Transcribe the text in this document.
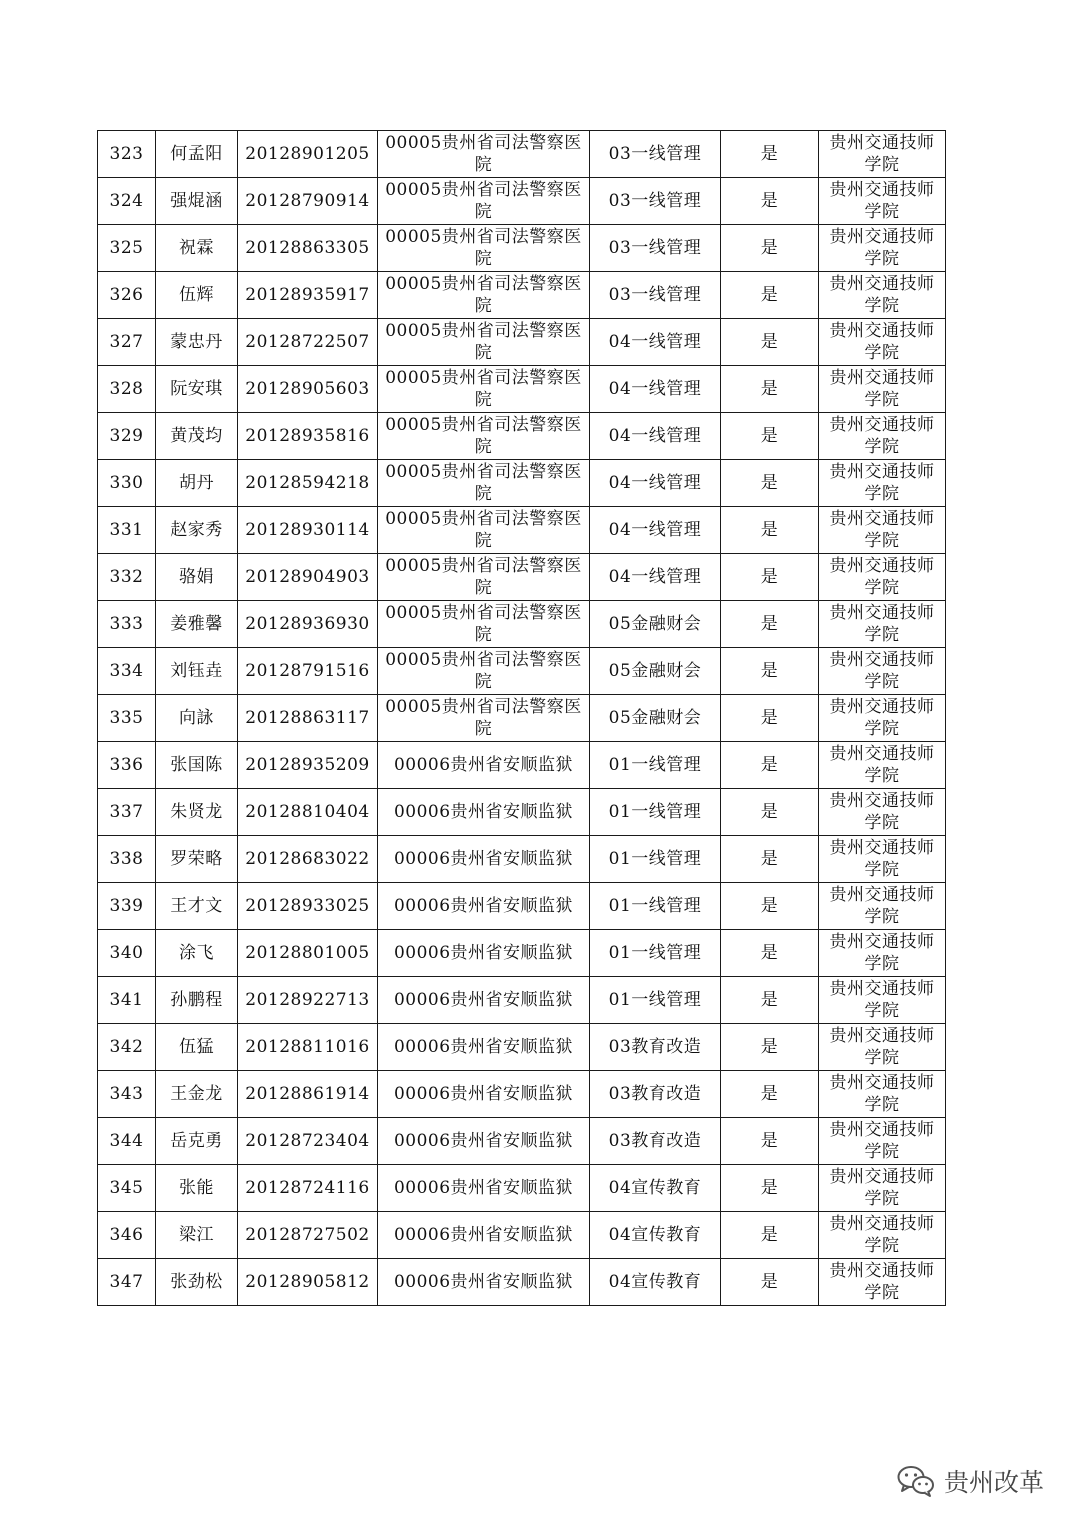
323	何孟阳	20128901205	00005贵州省司法警察医院	03一线管理	是	贵州交通技师学院
324	强焜涵	20128790914	00005贵州省司法警察医院	03一线管理	是	贵州交通技师学院
325	祝霖	20128863305	00005贵州省司法警察医院	03一线管理	是	贵州交通技师学院
326	伍辉	20128935917	00005贵州省司法警察医院	03一线管理	是	贵州交通技师学院
327	蒙忠丹	20128722507	00005贵州省司法警察医院	04一线管理	是	贵州交通技师学院
328	阮安琪	20128905603	00005贵州省司法警察医院	04一线管理	是	贵州交通技师学院
329	黄茂均	20128935816	00005贵州省司法警察医院	04一线管理	是	贵州交通技师学院
330	胡丹	20128594218	00005贵州省司法警察医院	04一线管理	是	贵州交通技师学院
331	赵家秀	20128930114	00005贵州省司法警察医院	04一线管理	是	贵州交通技师学院
332	骆娟	20128904903	00005贵州省司法警察医院	04一线管理	是	贵州交通技师学院
333	姜雅馨	20128936930	00005贵州省司法警察医院	05金融财会	是	贵州交通技师学院
334	刘钰垚	20128791516	00005贵州省司法警察医院	05金融财会	是	贵州交通技师学院
335	向詠	20128863117	00005贵州省司法警察医院	05金融财会	是	贵州交通技师学院
336	张国陈	20128935209	00006贵州省安顺监狱	01一线管理	是	贵州交通技师学院
337	朱贤龙	20128810404	00006贵州省安顺监狱	01一线管理	是	贵州交通技师学院
338	罗荣略	20128683022	00006贵州省安顺监狱	01一线管理	是	贵州交通技师学院
339	王才文	20128933025	00006贵州省安顺监狱	01一线管理	是	贵州交通技师学院
340	涂飞	20128801005	00006贵州省安顺监狱	01一线管理	是	贵州交通技师学院
341	孙鹏程	20128922713	00006贵州省安顺监狱	01一线管理	是	贵州交通技师学院
342	伍猛	20128811016	00006贵州省安顺监狱	03教育改造	是	贵州交通技师学院
343	王金龙	20128861914	00006贵州省安顺监狱	03教育改造	是	贵州交通技师学院
344	岳克勇	20128723404	00006贵州省安顺监狱	03教育改造	是	贵州交通技师学院
345	张能	20128724116	00006贵州省安顺监狱	04宣传教育	是	贵州交通技师学院
346	梁江	20128727502	00006贵州省安顺监狱	04宣传教育	是	贵州交通技师学院
347	张劲松	20128905812	00006贵州省安顺监狱	04宣传教育	是	贵州交通技师学院
贵州改革
